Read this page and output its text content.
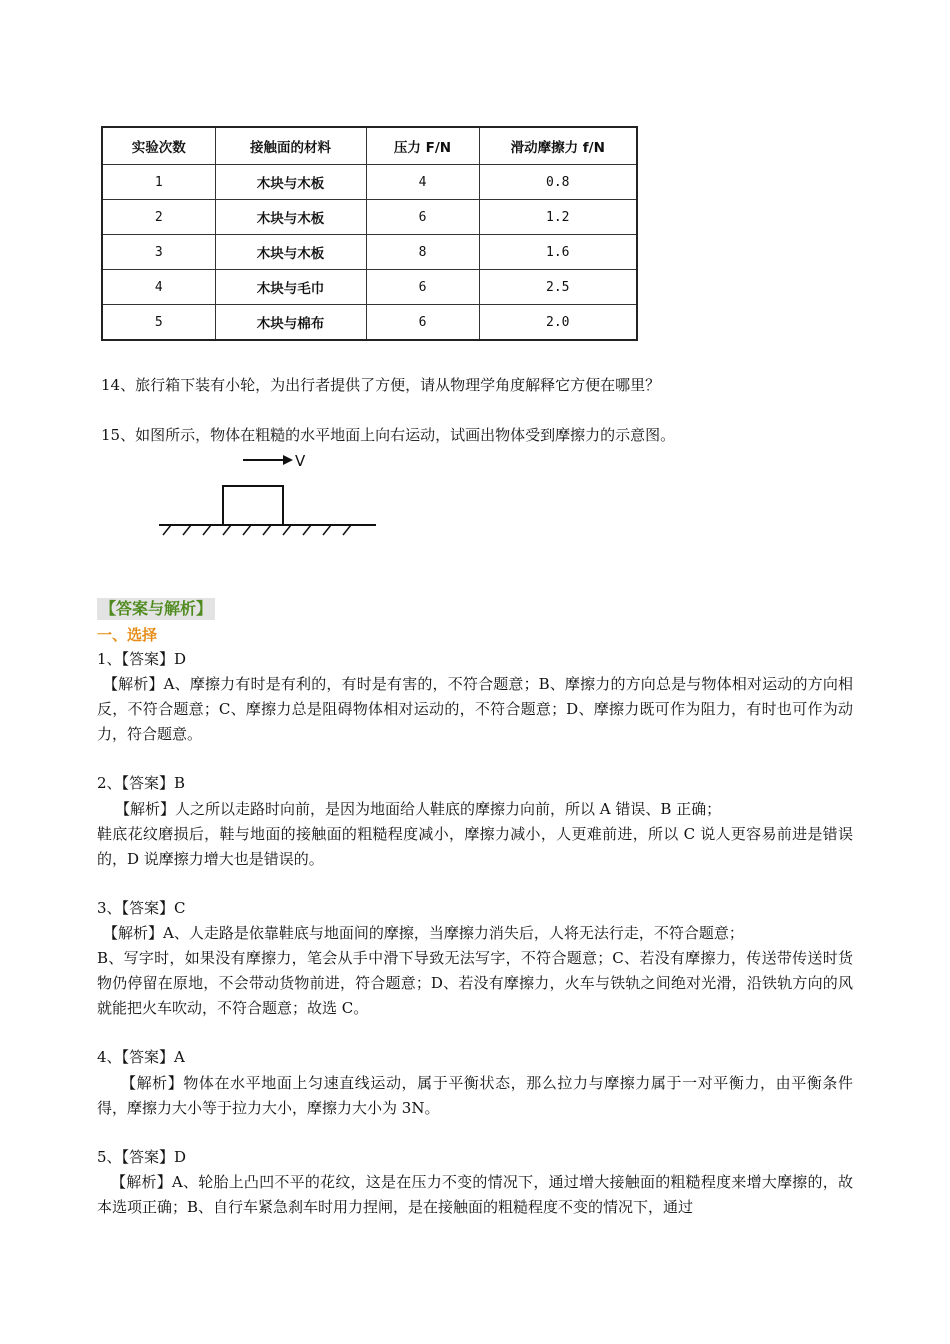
实验次数	接触面的材料	压力 F/N	滑动摩擦力 f/N
1	木块与木板	4	0.8
2	木块与木板	6	1.2
3	木块与木板	8	1.6
4	木块与毛巾	6	2.5
5	木块与棉布	6	2.0
14、旅行箱下装有小轮，为出行者提供了方便，请从物理学角度解释它方便在哪里？
15、如图所示，物体在粗糙的水平地面上向右运动，试画出物体受到摩擦力的示意图。
V
【答案与解析】
一、选择
1、【答案】D

【解析】A、摩擦力有时是有利的，有时是有害的，不符合题意；B、摩擦力的方向总是与物体相对运动的方向相反，不符合题意；C、摩擦力总是阻碍物体相对运动的，不符合题意；D、摩擦力既可作为阻力，有时也可作为动力，符合题意。

2、【答案】B

【解析】人之所以走路时向前，是因为地面给人鞋底的摩擦力向前，所以 A 错误、B 正确；

鞋底花纹磨损后，鞋与地面的接触面的粗糙程度减小，摩擦力减小，人更难前进，所以 C 说人更容易前进是错误的，D 说摩擦力增大也是错误的。

3、【答案】C

【解析】A、人走路是依靠鞋底与地面间的摩擦，当摩擦力消失后，人将无法行走，不符合题意；

B、写字时，如果没有摩擦力，笔会从手中滑下导致无法写字，不符合题意；C、若没有摩擦力，传送带传送时货物仍停留在原地，不会带动货物前进，符合题意；D、若没有摩擦力，火车与铁轨之间绝对光滑，沿铁轨方向的风就能把火车吹动，不符合题意；故选 C。

4、【答案】A

【解析】物体在水平地面上匀速直线运动，属于平衡状态，那么拉力与摩擦力属于一对平衡力，由平衡条件得，摩擦力大小等于拉力大小，摩擦力大小为 3N。

5、【答案】D

【解析】A、轮胎上凸凹不平的花纹，这是在压力不变的情况下，通过增大接触面的粗糙程度来增大摩擦的，故本选项正确；B、自行车紧急刹车时用力捏闸，是在接触面的粗糙程度不变的情况下，通过
